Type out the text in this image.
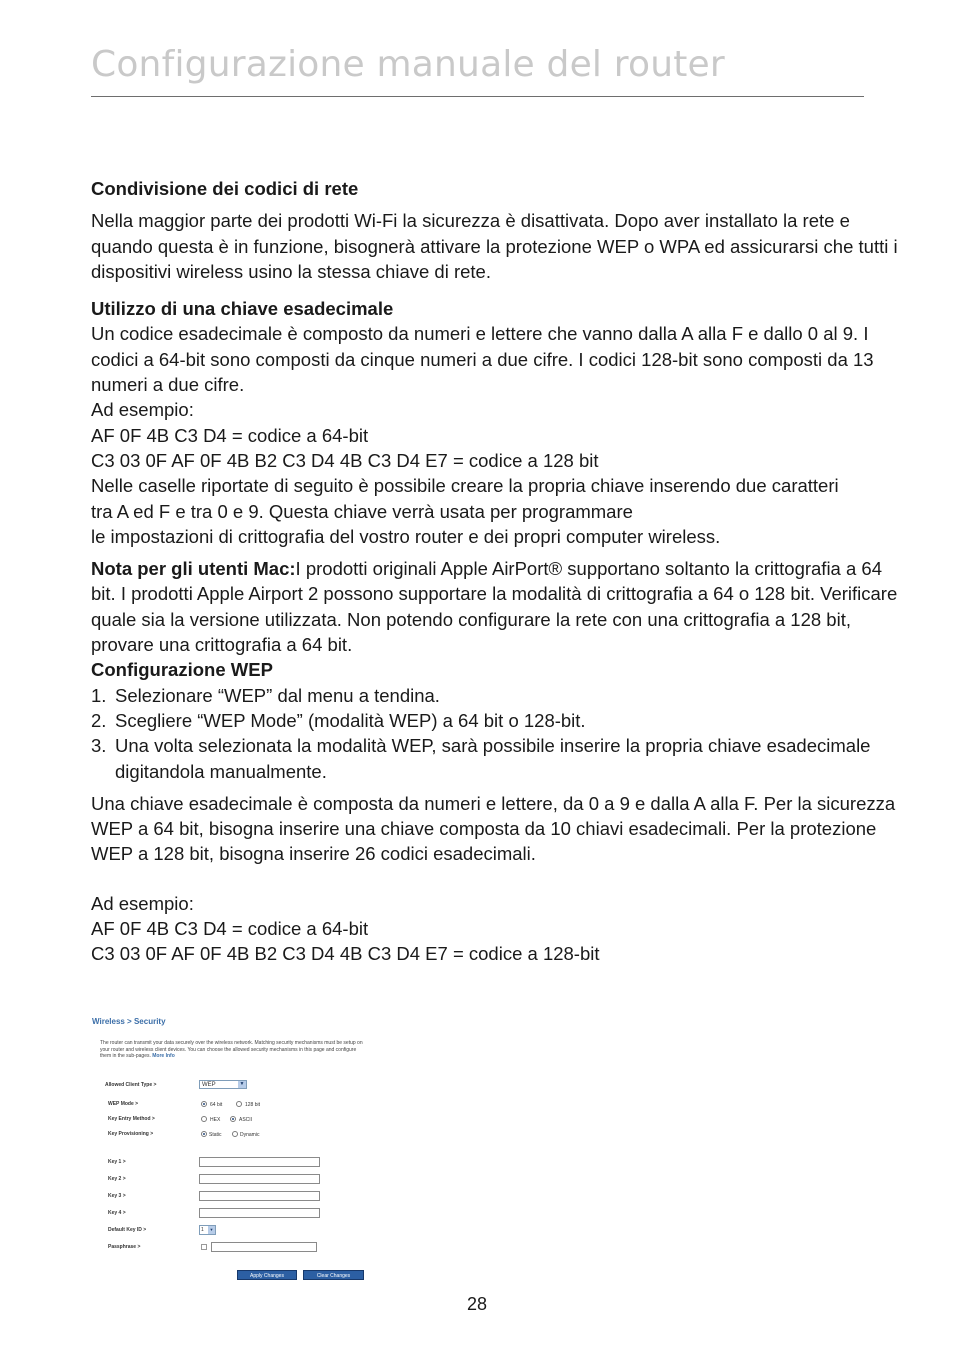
Configurazione manuale del router

Condivisione dei codici di rete

Nella maggior parte dei prodotti Wi-Fi la sicurezza è disattivata. Dopo aver installato la rete e quando questa è in funzione, bisognerà attivare la protezione WEP o WPA ed assicurarsi che tutti i dispositivi wireless usino la stessa chiave di rete.

Utilizzo di una chiave esadecimale

Un codice esadecimale è composto da numeri e lettere che vanno dalla A alla F e dallo 0 al 9. I codici a 64-bit sono composti da cinque numeri a due cifre. I codici 128-bit sono composti da 13 numeri a due cifre.

Ad esempio:

AF 0F 4B C3 D4 = codice a 64-bit

C3 03 0F AF 0F 4B B2 C3 D4 4B C3 D4 E7 = codice a 128 bit

Nelle caselle riportate di seguito è possibile creare la propria chiave inserendo due caratteri

tra A ed F e tra 0 e 9. Questa chiave verrà usata per programmare

le impostazioni di crittografia del vostro router e dei propri computer wireless.

Nota per gli utenti Mac:I prodotti originali Apple AirPort® supportano soltanto la crittografia a 64 bit. I prodotti Apple Airport 2 possono supportare la modalità di crittografia a 64 o 128 bit. Verificare quale sia la versione utilizzata. Non potendo configurare la rete con una crittografia a 128 bit, provare una crittografia a 64 bit.

Configurazione WEP

1. Selezionare “WEP” dal menu a tendina.
2. Scegliere “WEP Mode” (modalità WEP) a 64 bit o 128-bit.
3. Una volta selezionata la modalità WEP, sarà possibile inserire la propria chiave esadecimale digitandola manualmente.

Una chiave esadecimale è composta da numeri e lettere, da 0 a 9 e dalla A alla F. Per la sicurezza WEP a 64 bit, bisogna inserire una chiave composta da 10 chiavi esadecimali. Per la protezione WEP a 128 bit, bisogna inserire 26 codici esadecimali.

Ad esempio:

AF 0F 4B C3 D4 = codice a 64-bit

C3 03 0F AF 0F 4B B2 C3 D4 4B C3 D4 E7 = codice a 128-bit

Wireless > Security
The router can transmit your data securely over the wireless network. Matching security mechanisms must be setup on your router and wireless client devices. You can choose the allowed security mechanisms in this page and configure them in the sub-pages. More Info
Allowed Client Type >	WEP	▼
WEP Mode >	64 bit	128 bit
Key Entry Method >	HEX	ASCII
Key Provisioning >	Static	Dynamic
Key 1 >
Key 2 >
Key 3 >
Key 4 >
Default Key ID >	1	▼
Passphrase >
Apply Changes	Clear Changes
28
